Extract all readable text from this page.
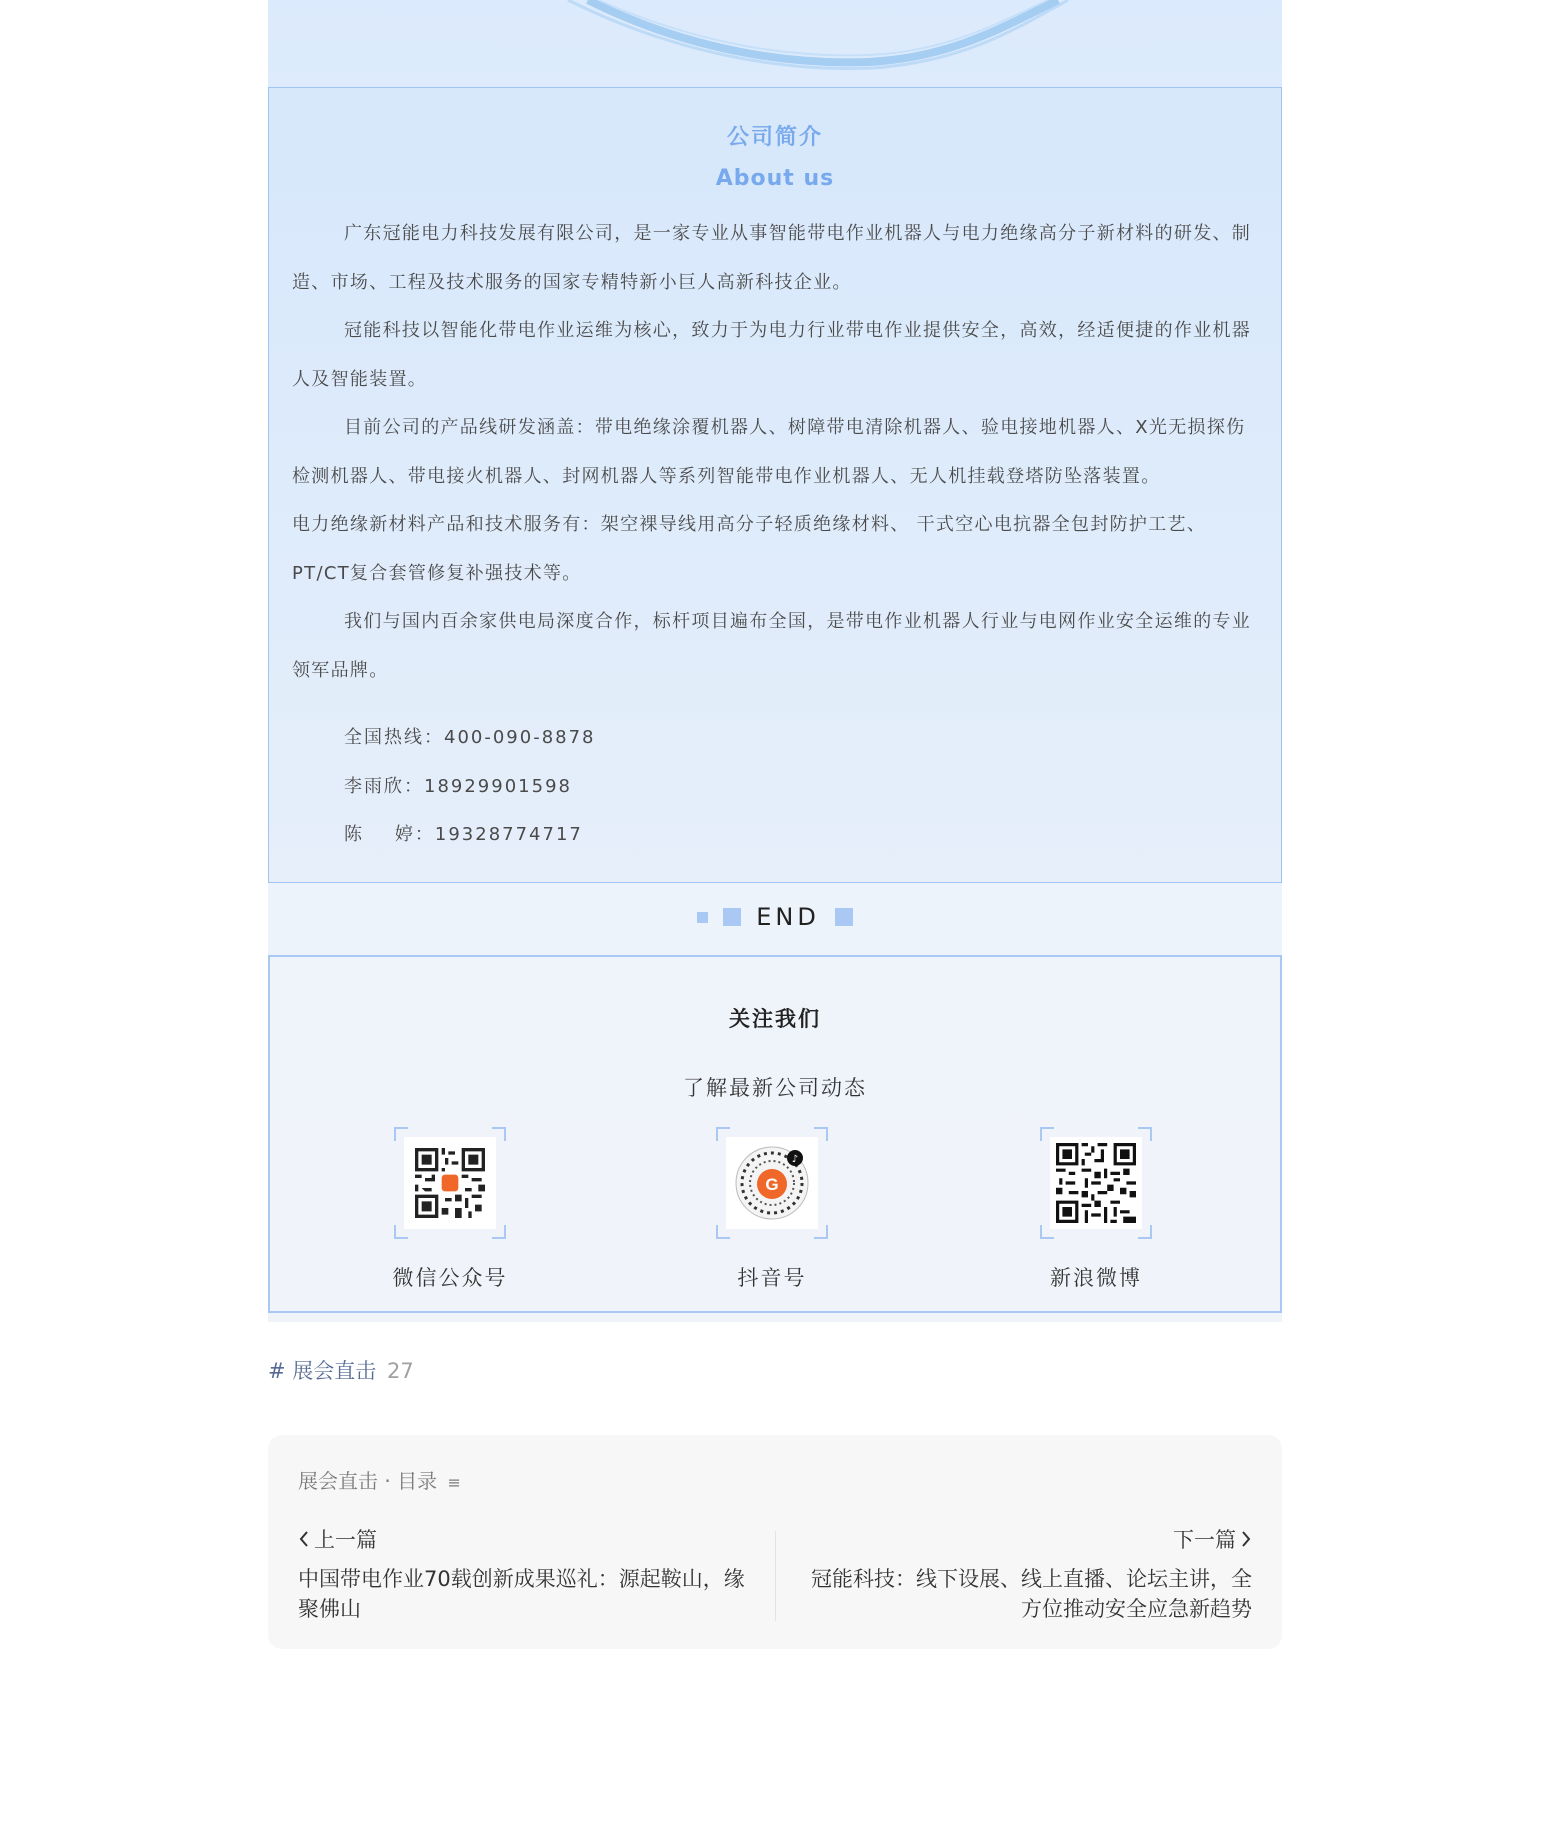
公司简介
About us

广东冠能电力科技发展有限公司，是一家专业从事智能带电作业机器人与电力绝缘高分子新材料的研发、制造、市场、工程及技术服务的国家专精特新小巨人高新科技企业。

冠能科技以智能化带电作业运维为核心，致力于为电力行业带电作业提供安全，高效，经适便捷的作业机器人及智能装置。

目前公司的产品线研发涵盖：带电绝缘涂覆机器人、树障带电清除机器人、验电接地机器人、X光无损探伤检测机器人、带电接火机器人、封网机器人等系列智能带电作业机器人、无人机挂载登塔防坠落装置。

电力绝缘新材料产品和技术服务有：架空裸导线用高分子轻质绝缘材料、 干式空心电抗器全包封防护工艺、PT/CT复合套管修复补强技术等。

我们与国内百余家供电局深度合作，标杆项目遍布全国，是带电作业机器人行业与电网作业安全运维的专业领军品牌。

全国热线：400-090-8878
李雨欣：18929901598
陈    婷：19328774717
END
关注我们
了解最新公司动态
微信公众号
G
♪
抖音号	新浪微博
# 展会直击 27
展会直击 · 目录 ≡
上一篇
中国带电作业70载创新成果巡礼：源起鞍山，缘聚佛山
下一篇
冠能科技：线下设展、线上直播、论坛主讲，全方位推动安全应急新趋势
